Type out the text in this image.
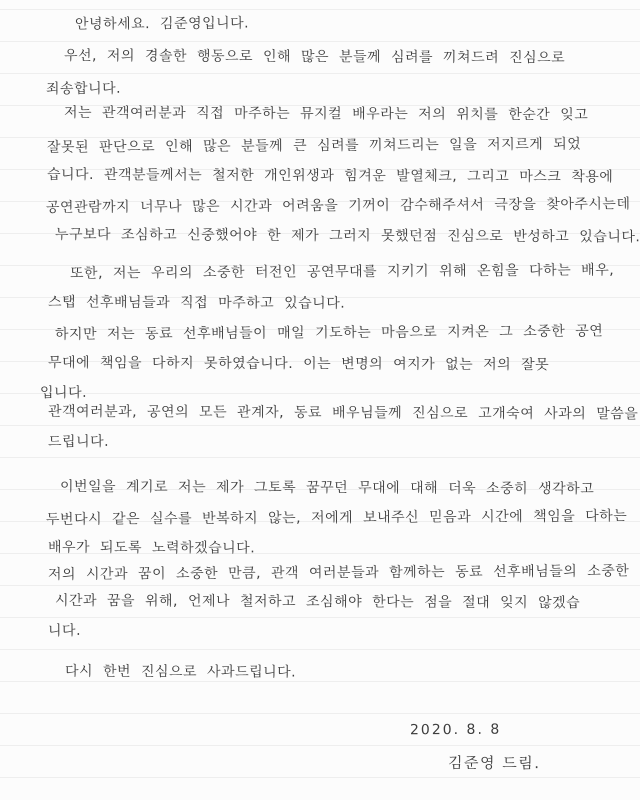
안녕하세요. 김준영입니다.
우선, 저의 경솔한 행동으로 인해 많은 분들께 심려를 끼쳐드려 진심으로
죄송합니다.
저는 관객여러분과 직접 마주하는 뮤지컬 배우라는 저의 위치를 한순간 잊고
잘못된 판단으로 인해 많은 분들께 큰 심려를 끼쳐드리는 일을 저지르게 되었
습니다. 관객분들께서는 철저한 개인위생과 힘겨운 발열체크, 그리고 마스크 착용에
공연관람까지 너무나 많은 시간과 어려움을 기꺼이 감수해주셔서 극장을 찾아주시는데
누구보다 조심하고 신중했어야 한 제가 그러지 못했던점 진심으로 반성하고 있습니다.
또한, 저는 우리의 소중한 터전인 공연무대를 지키기 위해 온힘을 다하는 배우,
스탭 선후배님들과 직접 마주하고 있습니다.
하지만 저는 동료 선후배님들이 매일 기도하는 마음으로 지켜온 그 소중한 공연
무대에 책임을 다하지 못하였습니다. 이는 변명의 여지가 없는 저의 잘못
입니다.
관객여러분과, 공연의 모든 관계자, 동료 배우님들께 진심으로 고개숙여 사과의 말씀을
드립니다.
이번일을 계기로 저는 제가 그토록 꿈꾸던 무대에 대해 더욱 소중히 생각하고
두번다시 같은 실수를 반복하지 않는, 저에게 보내주신 믿음과 시간에 책임을 다하는
배우가 되도록 노력하겠습니다.
저의 시간과 꿈이 소중한 만큼, 관객 여러분들과 함께하는 동료 선후배님들의 소중한
시간과 꿈을 위해, 언제나 철저하고 조심해야 한다는 점을 절대 잊지 않겠습
니다.
다시 한번 진심으로 사과드립니다.
2020. 8. 8
김준영 드림.
